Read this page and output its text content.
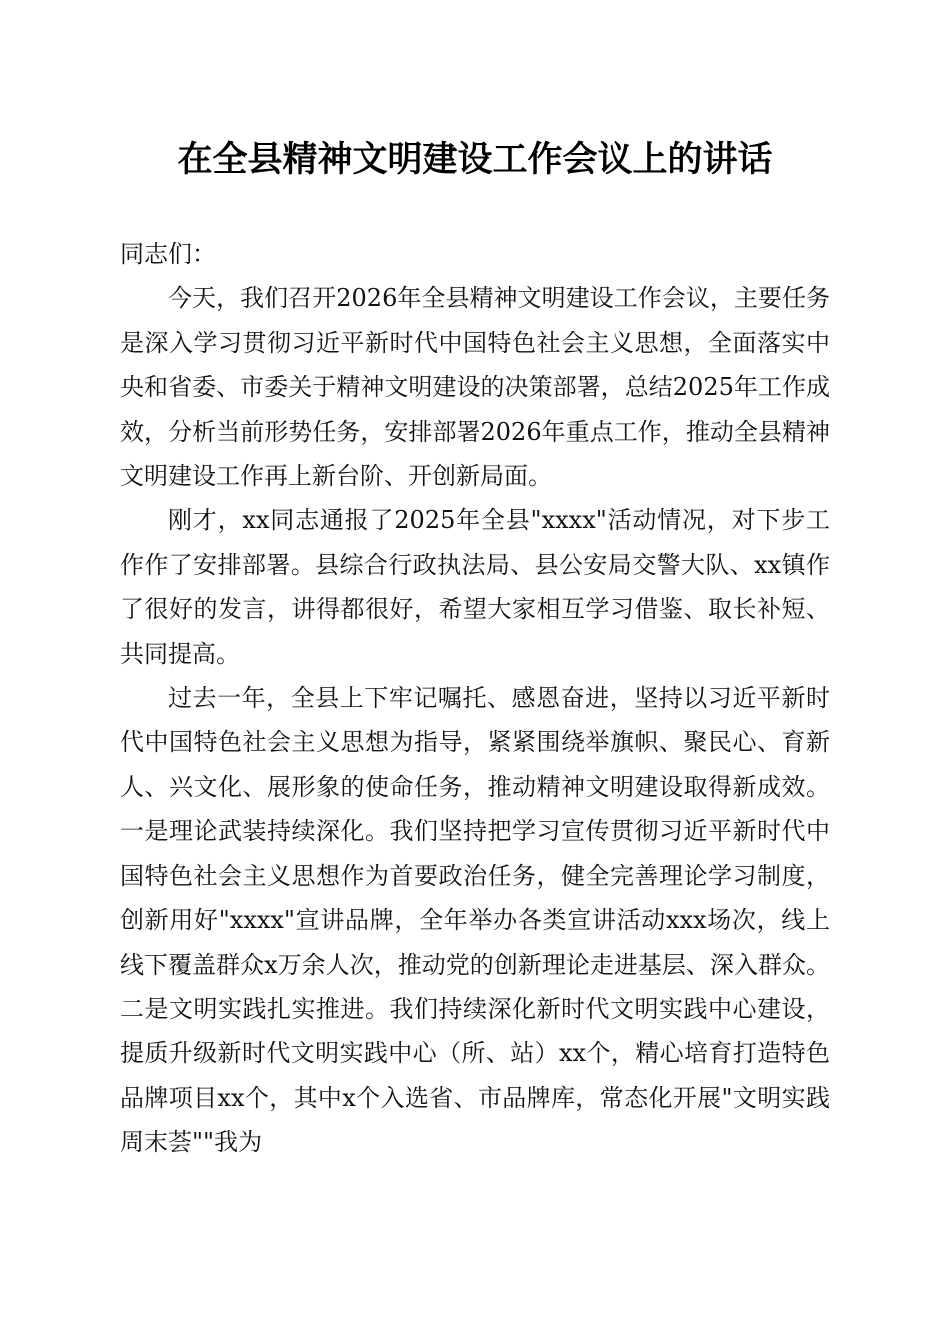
在全县精神文明建设工作会议上的讲话

同志们：

今天，我们召开2026年全县精神文明建设工作会议，主要任务是深入学习贯彻习近平新时代中国特色社会主义思想，全面落实中央和省委、市委关于精神文明建设的决策部署，总结2025年工作成效，分析当前形势任务，安排部署2026年重点工作，推动全县精神文明建设工作再上新台阶、开创新局面。

刚才，xx同志通报了2025年全县"xxxx"活动情况，对下步工作作了安排部署。县综合行政执法局、县公安局交警大队、xx镇作了很好的发言，讲得都很好，希望大家相互学习借鉴、取长补短、共同提高。

过去一年，全县上下牢记嘱托、感恩奋进，坚持以习近平新时代中国特色社会主义思想为指导，紧紧围绕举旗帜、聚民心、育新人、兴文化、展形象的使命任务，推动精神文明建设取得新成效。一是理论武装持续深化。我们坚持把学习宣传贯彻习近平新时代中国特色社会主义思想作为首要政治任务，健全完善理论学习制度，创新用好"xxxx"宣讲品牌，全年举办各类宣讲活动xxx场次，线上线下覆盖群众x万余人次，推动党的创新理论走进基层、深入群众。二是文明实践扎实推进。我们持续深化新时代文明实践中心建设，提质升级新时代文明实践中心（所、站）xx个，精心培育打造特色品牌项目xx个，其中x个入选省、市品牌库，常态化开展"文明实践周末荟""我为
